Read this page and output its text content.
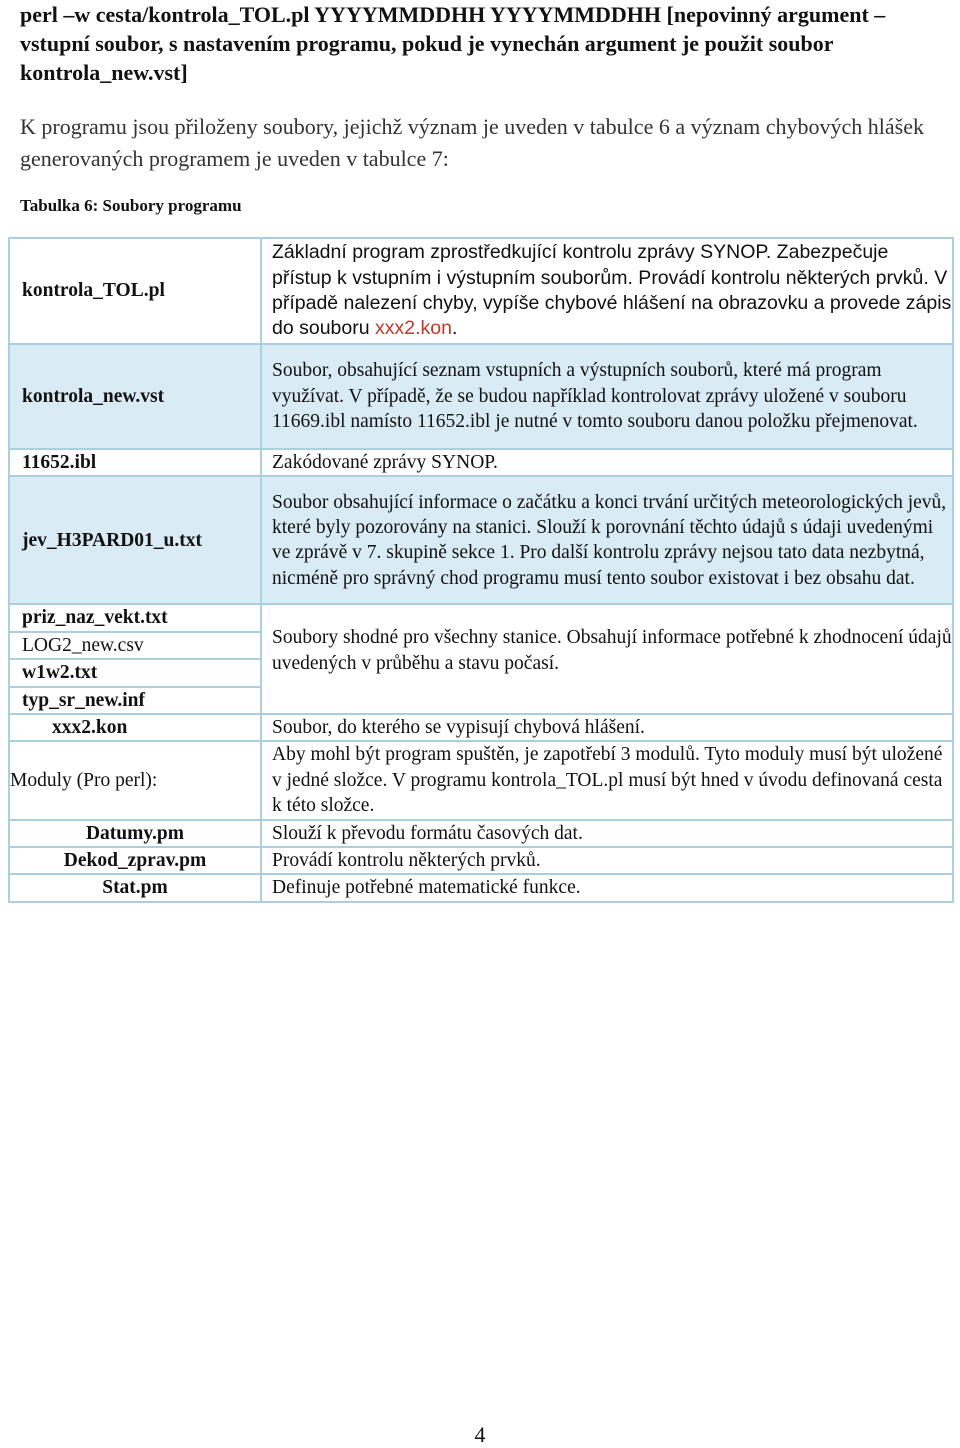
perl –w cesta/kontrola_TOL.pl YYYYMMDDHH YYYYMMDDHH [nepovinný argument – vstupní soubor, s nastavením programu, pokud je vynechán argument je použit soubor kontrola_new.vst]

K programu jsou přiloženy soubory, jejichž význam je uveden v tabulce 6 a význam chybových hlášek generovaných programem je uveden v tabulce 7:

Tabulka 6: Soubory programu

kontrola_TOL.pl	Základní program zprostředkující kontrolu zprávy SYNOP. Zabezpečuje přístup k vstupním i výstupním souborům. Provádí kontrolu některých prvků. V případě nalezení chyby, vypíše chybové hlášení na obrazovku a provede zápis do souboru xxx2.kon.
kontrola_new.vst	Soubor, obsahující seznam vstupních a výstupních souborů, které má program využívat. V případě, že se budou například kontrolovat zprávy uložené v souboru 11669.ibl namísto 11652.ibl je nutné v tomto souboru danou položku přejmenovat.
11652.ibl	Zakódované zprávy SYNOP.
jev_H3PARD01_u.txt	Soubor obsahující informace o začátku a konci trvání určitých meteorologických jevů, které byly pozorovány na stanici. Slouží k porovnání těchto údajů s údaji uvedenými ve zprávě v 7. skupině sekce 1. Pro další kontrolu zprávy nejsou tato data nezbytná, nicméně pro správný chod programu musí tento soubor existovat i bez obsahu dat.
priz_naz_vekt.txt	Soubory shodné pro všechny stanice. Obsahují informace potřebné k zhodnocení údajů uvedených v průběhu a stavu počasí.
LOG2_new.csv	
w1w2.txt	
typ_sr_new.inf	
xxx2.kon	Soubor, do kterého se vypisují chybová hlášení.
Moduly (Pro perl):	Aby mohl být program spuštěn, je zapotřebí 3 modulů. Tyto moduly musí být uložené v jedné složce. V programu kontrola_TOL.pl musí být hned v úvodu definovaná cesta k této složce.
Datumy.pm	Slouží k převodu formátu časových dat.
Dekod_zprav.pm	Provádí kontrolu některých prvků.
Stat.pm	Definuje potřebné matematické funkce.
4
